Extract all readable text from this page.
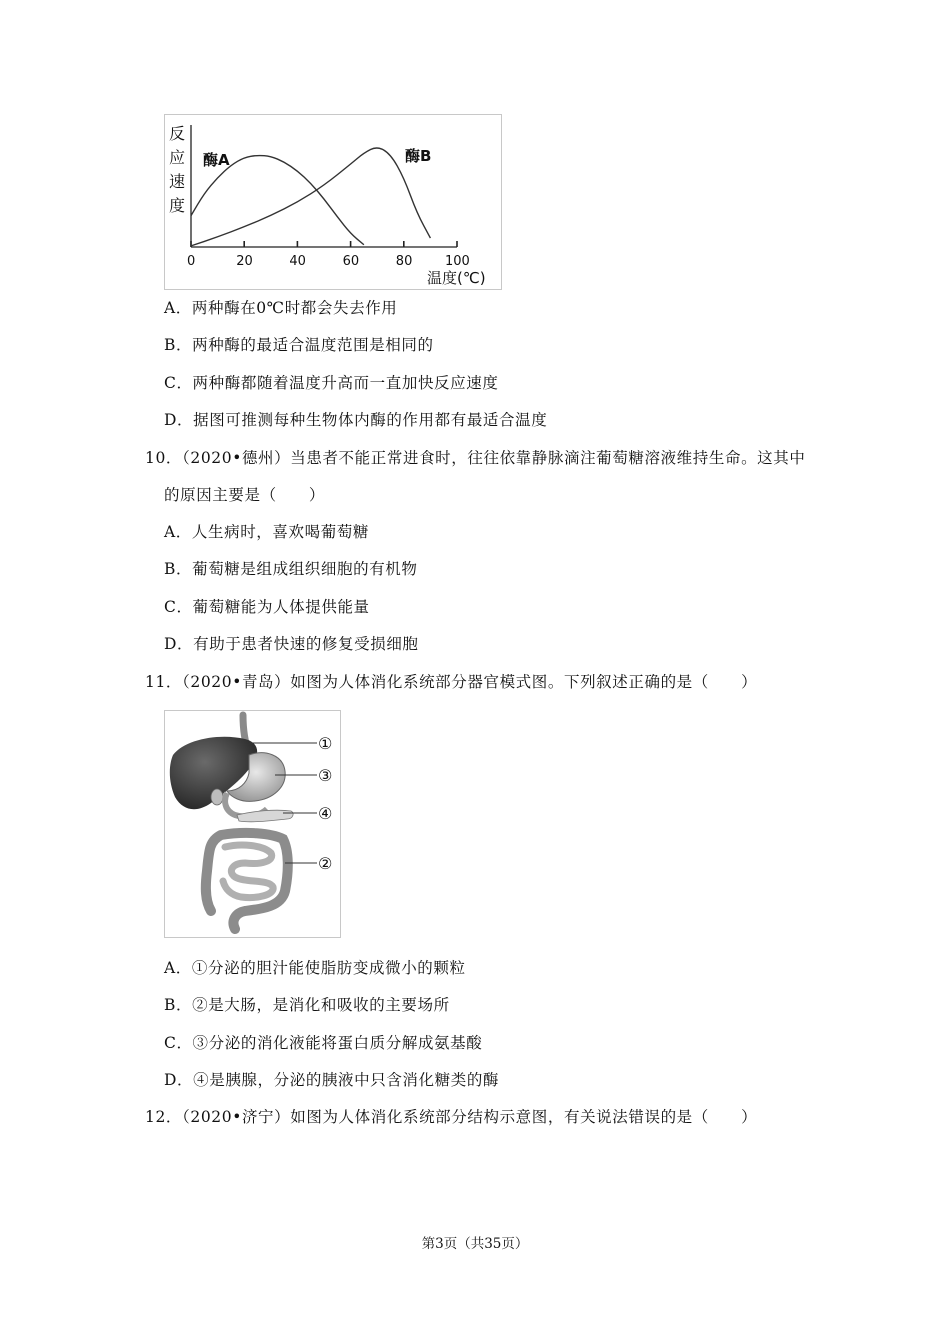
反应速度
0	20	40	60	80	100
酶A	酶B
温度(℃)
A．两种酶在0℃时都会失去作用
B．两种酶的最适合温度范围是相同的
C．两种酶都随着温度升高而一直加快反应速度
D．据图可推测每种生物体内酶的作用都有最适合温度
10．（2020•德州）当患者不能正常进食时，往往依靠静脉滴注葡萄糖溶液维持生命。这其中
的原因主要是（　　）
A．人生病时，喜欢喝葡萄糖
B．葡萄糖是组成组织细胞的有机物
C．葡萄糖能为人体提供能量
D．有助于患者快速的修复受损细胞
11．（2020•青岛）如图为人体消化系统部分器官模式图。下列叙述正确的是（　　）
①
③
④
②
A．①分泌的胆汁能使脂肪变成微小的颗粒
B．②是大肠，是消化和吸收的主要场所
C．③分泌的消化液能将蛋白质分解成氨基酸
D．④是胰腺，分泌的胰液中只含消化糖类的酶
12．（2020•济宁）如图为人体消化系统部分结构示意图，有关说法错误的是（　　）
第3页（共35页）
